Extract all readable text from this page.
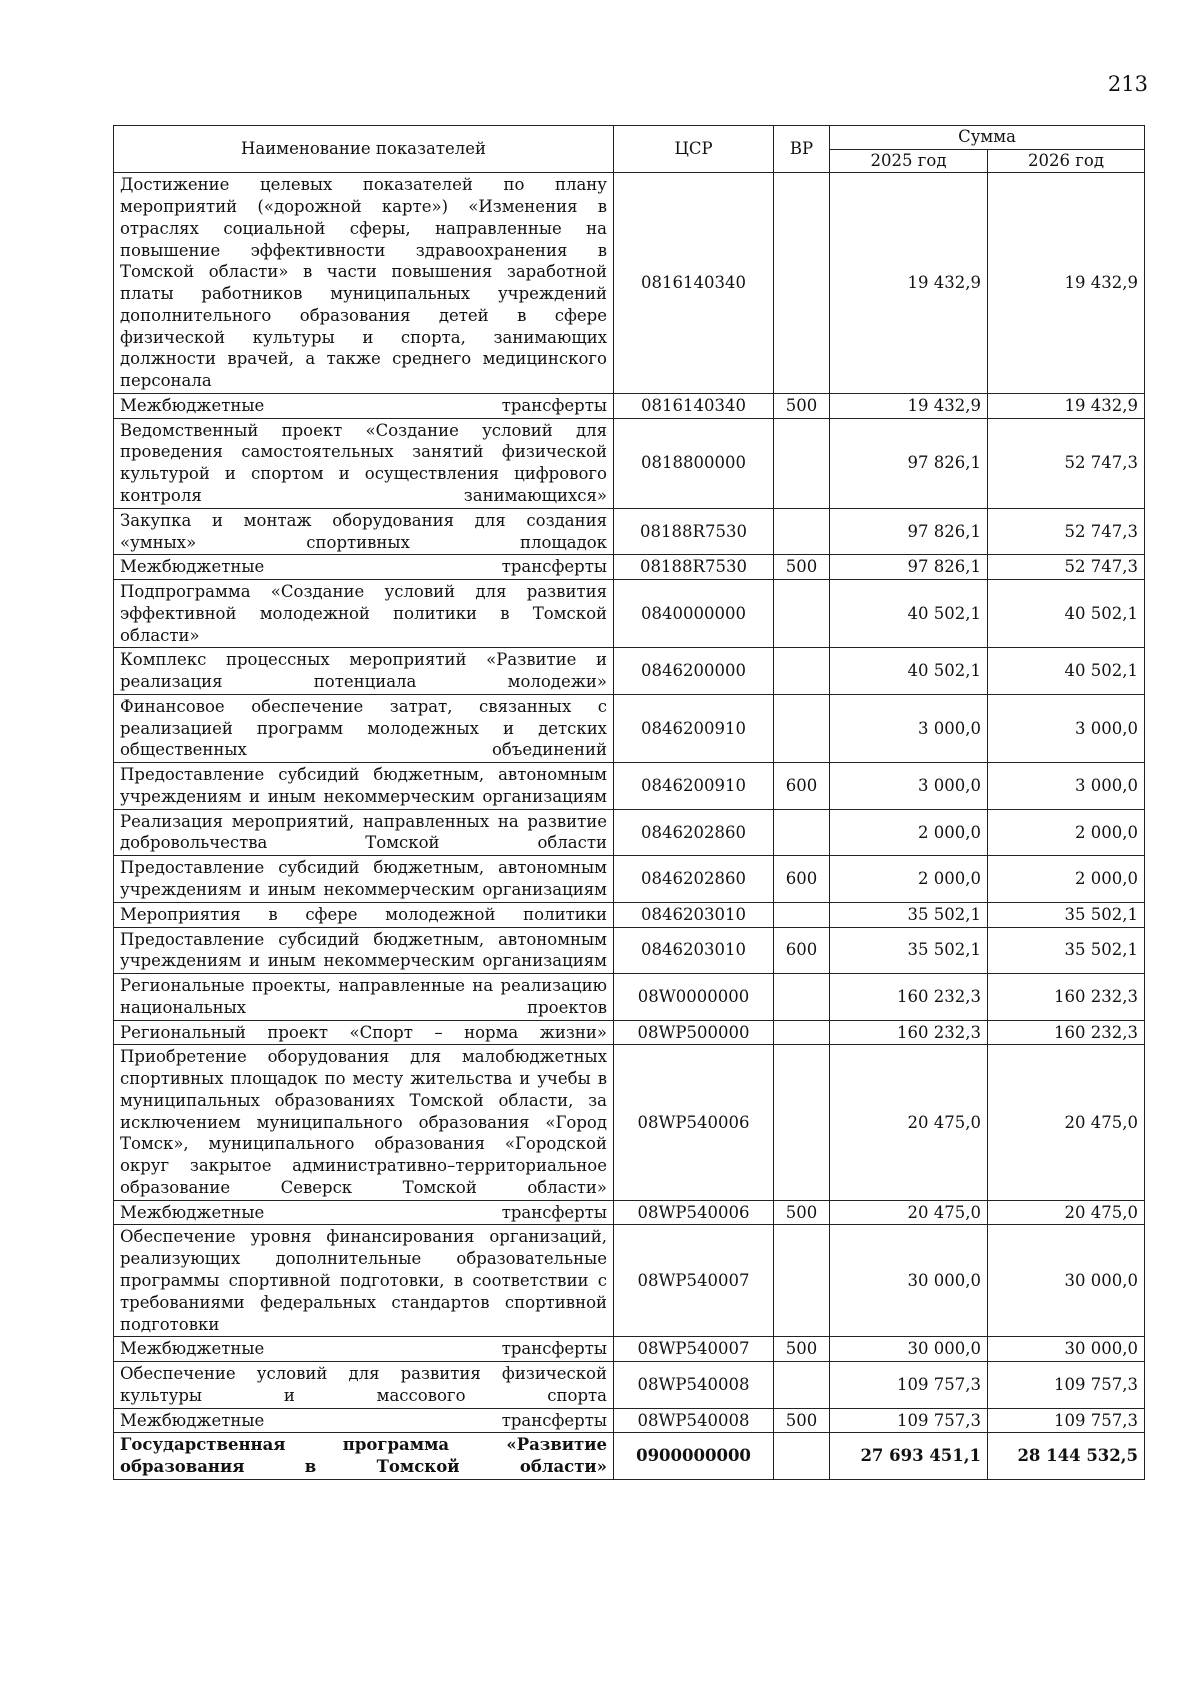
213
Наименование показателей	ЦСР	ВР	Сумма	
			2025 год	2026 год
Достижение целевых показателей по плану мероприятий («дорожной карте») «Изменения в отраслях социальной сферы, направленные на повышение эффективности здравоохранения в Томской области» в части повышения заработной платы работников муниципальных учреждений дополнительного образования детей в сфере физической культуры и спорта, занимающих должности врачей, а также среднего медицинского персонала	0816140340		19 432,9	19 432,9
Межбюджетные трансферты	0816140340	500	19 432,9	19 432,9
Ведомственный проект «Создание условий для проведения самостоятельных занятий физической культурой и спортом и осуществления цифрового контроля занимающихся»	0818800000		97 826,1	52 747,3
Закупка и монтаж оборудования для создания «умных» спортивных площадок	08188R7530		97 826,1	52 747,3
Межбюджетные трансферты	08188R7530	500	97 826,1	52 747,3
Подпрограмма «Создание условий для развития эффективной молодежной политики в Томской области»	0840000000		40 502,1	40 502,1
Комплекс процессных мероприятий «Развитие и реализация потенциала молодежи»	0846200000		40 502,1	40 502,1
Финансовое обеспечение затрат, связанных с реализацией программ молодежных и детских общественных объединений	0846200910		3 000,0	3 000,0
Предоставление субсидий бюджетным, автономным учреждениям и иным некоммерческим организациям	0846200910	600	3 000,0	3 000,0
Реализация мероприятий, направленных на развитие добровольчества Томской области	0846202860		2 000,0	2 000,0
Предоставление субсидий бюджетным, автономным учреждениям и иным некоммерческим организациям	0846202860	600	2 000,0	2 000,0
Мероприятия в сфере молодежной политики	0846203010		35 502,1	35 502,1
Предоставление субсидий бюджетным, автономным учреждениям и иным некоммерческим организациям	0846203010	600	35 502,1	35 502,1
Региональные проекты, направленные на реализацию национальных проектов	08W0000000		160 232,3	160 232,3
Региональный проект «Спорт – норма жизни»	08WP500000		160 232,3	160 232,3
Приобретение оборудования для малобюджетных спортивных площадок по месту жительства и учебы в муниципальных образованиях Томской области, за исключением муниципального образования «Город Томск», муниципального образования «Городской округ закрытое административно–территориальное образование Северск Томской области»	08WP540006		20 475,0	20 475,0
Межбюджетные трансферты	08WP540006	500	20 475,0	20 475,0
Обеспечение уровня финансирования организаций, реализующих дополнительные образовательные программы спортивной подготовки, в соответствии с требованиями федеральных стандартов спортивной подготовки	08WP540007		30 000,0	30 000,0
Межбюджетные трансферты	08WP540007	500	30 000,0	30 000,0
Обеспечение условий для развития физической культуры и массового спорта	08WP540008		109 757,3	109 757,3
Межбюджетные трансферты	08WP540008	500	109 757,3	109 757,3
Государственная программа «Развитие образования в Томской области»	0900000000		27 693 451,1	28 144 532,5
